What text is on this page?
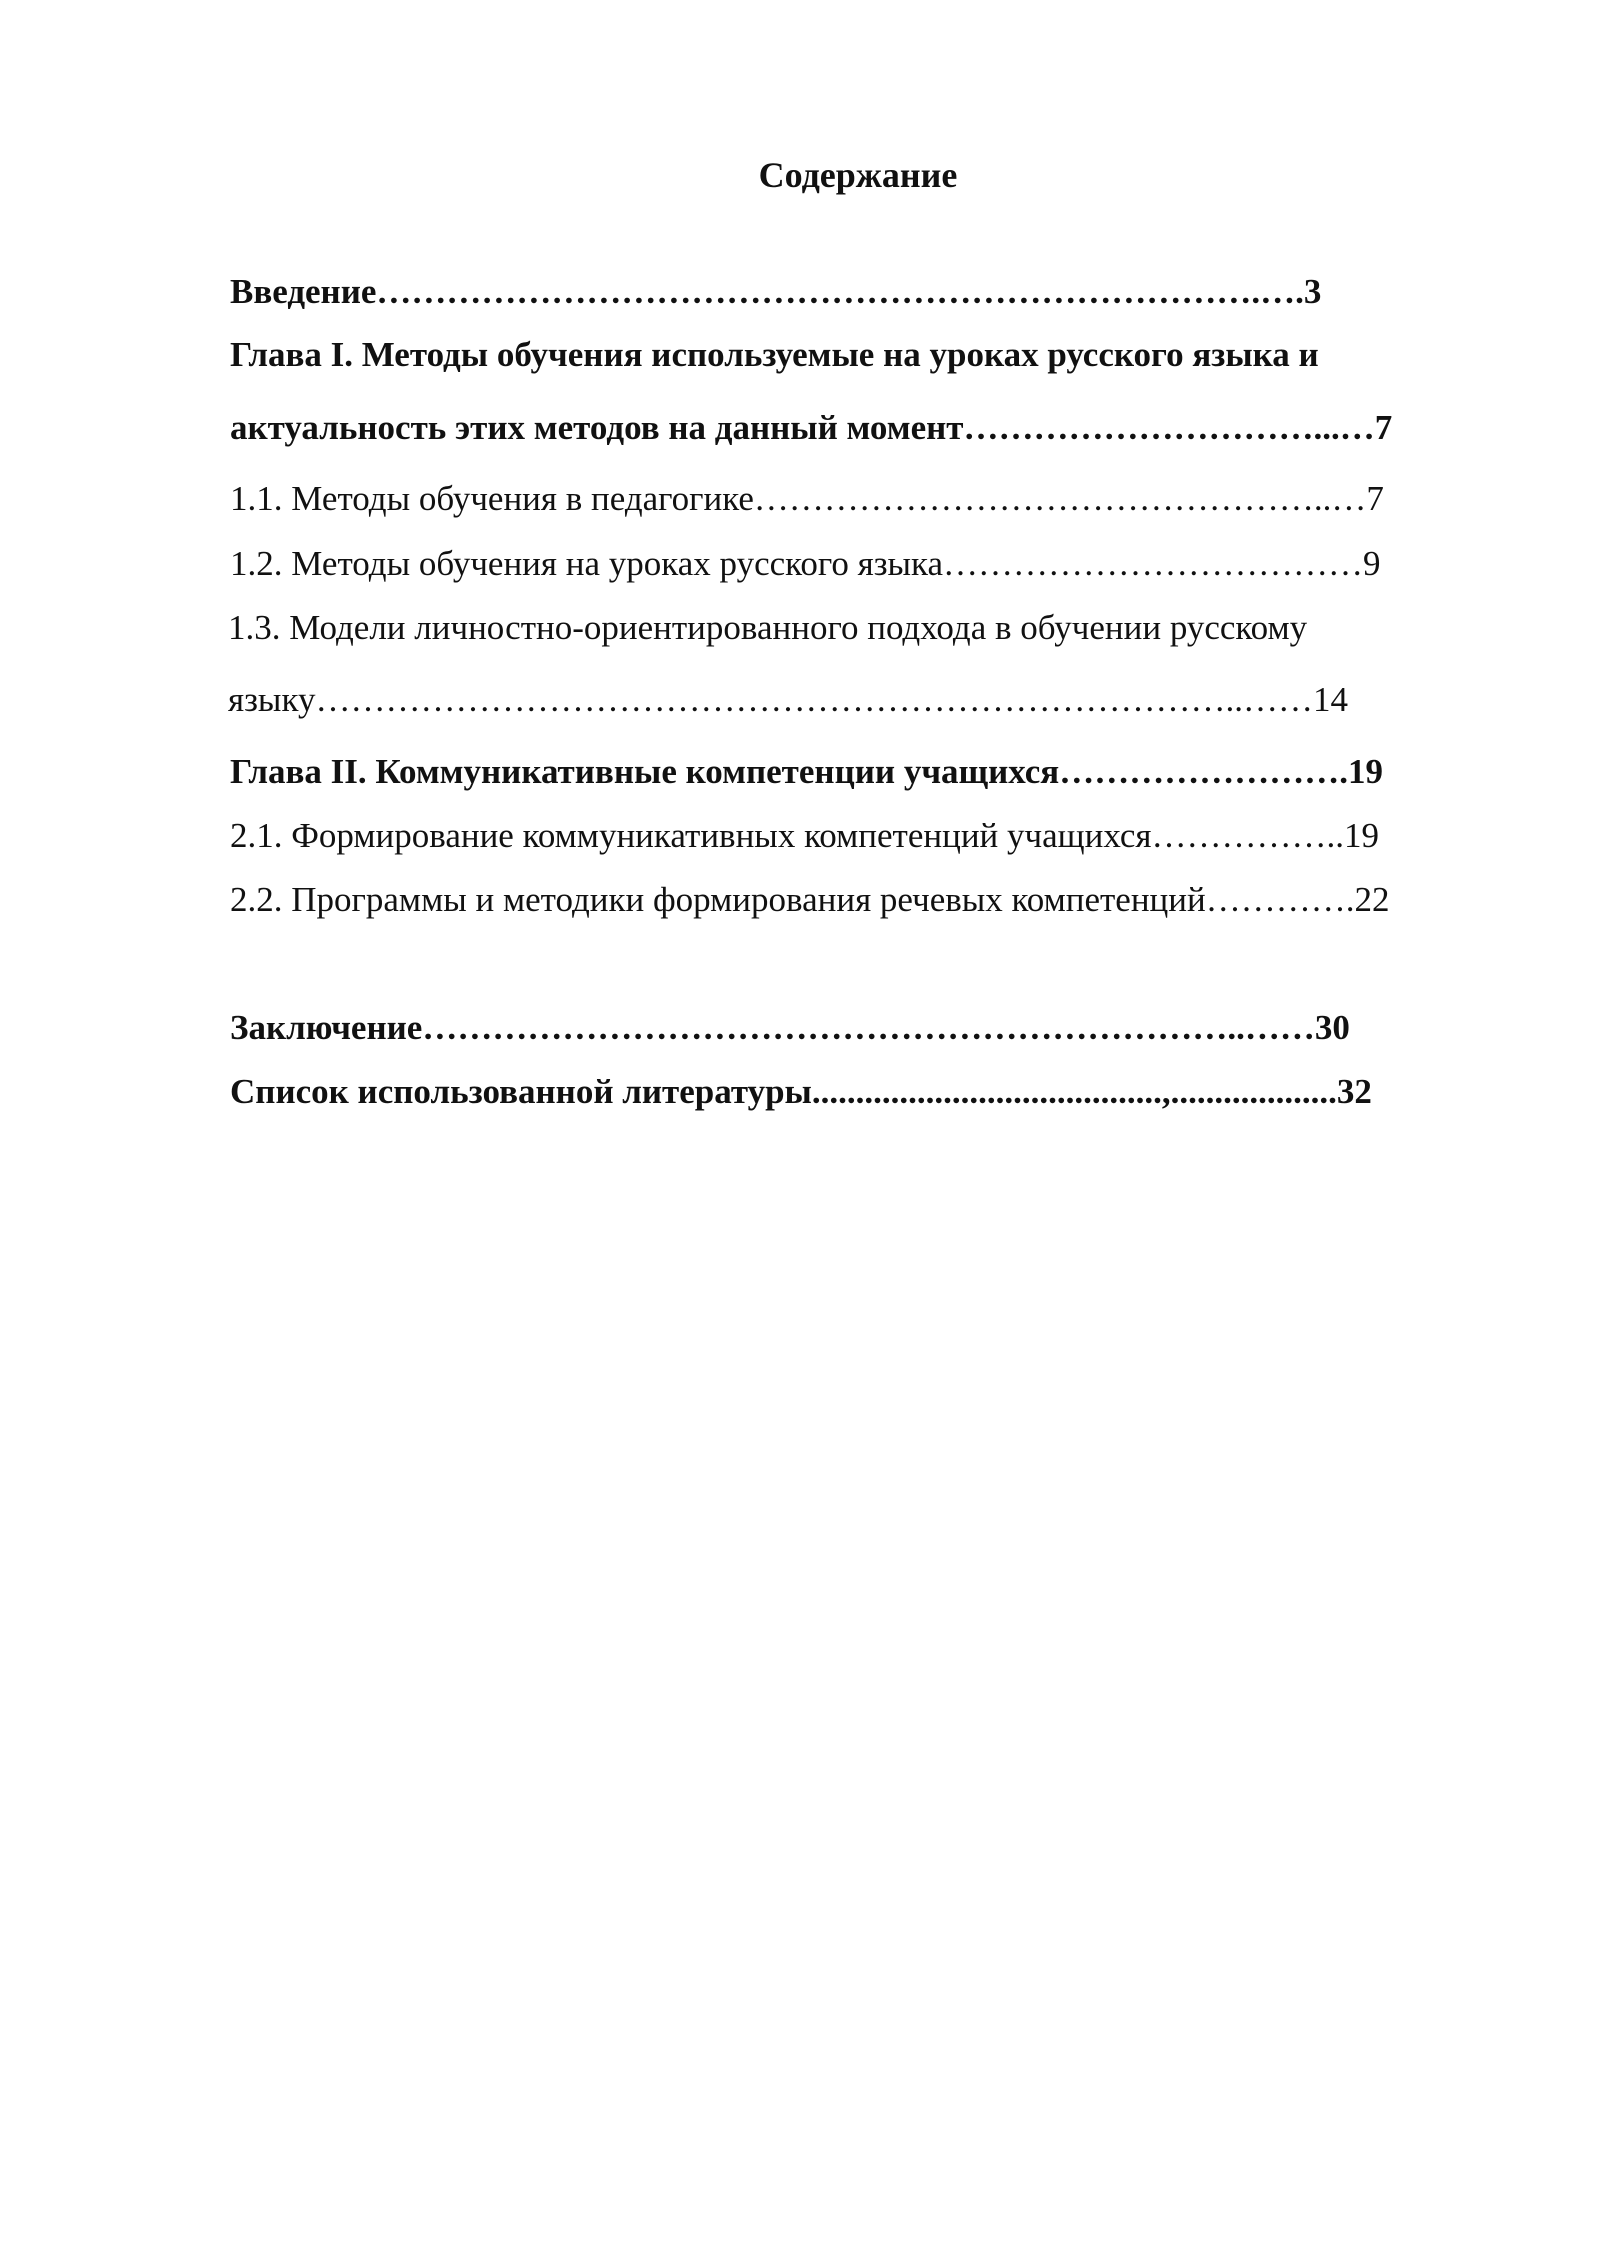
Содержание
Введение………………………………………………………………….….3
Глава I. Методы обучения используемые на уроках русского языка и
актуальность этих методов на данный момент…………………………...…7
1.1. Методы обучения в педагогике…………………………………………..…7
1.2. Методы обучения на уроках русского языка………………………………9
1.3. Модели личностно-ориентированного подхода в обучении русскому
языку……………………………………………………………………..……14
Глава II. Коммуникативные компетенции учащихся…………………….19
2.1. Формирование коммуникативных компетенций учащихся……………..19
2.2. Программы и методики формирования речевых компетенций………….22
Заключение……………………………………………………………..……30
Список использованной литературы........................................,...................32
